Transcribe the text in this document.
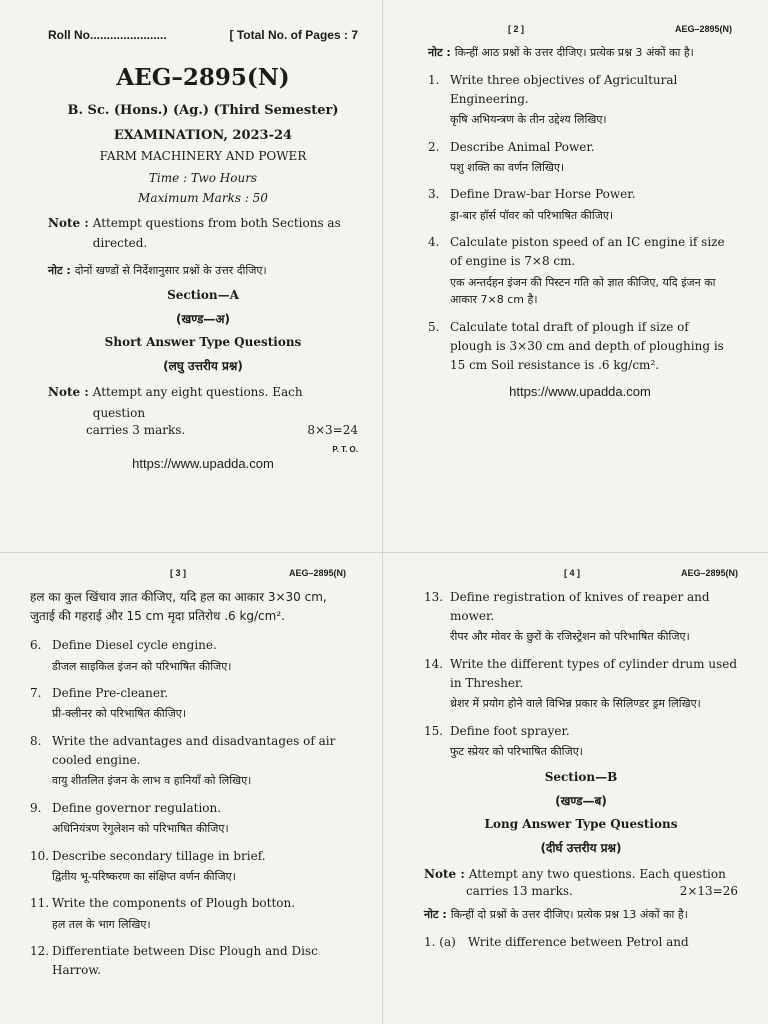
Roll No.......................	[ Total No. of Pages : 7
AEG–2895(N)
B. Sc. (Hons.) (Ag.) (Third Semester)
EXAMINATION, 2023-24
FARM MACHINERY AND POWER
Time : Two Hours
Maximum Marks : 50
Note : Attempt questions from both Sections as directed.
नोट : दोनों खण्डों से निर्देशानुसार प्रश्नों के उत्तर दीजिए।
Section—A
(खण्ड—अ)
Short Answer Type Questions
(लघु उत्तरीय प्रश्न)
Note : Attempt any eight questions. Each question
carries 3 marks.	8×3=24
P. T. O.
https://www.upadda.com
[ 2 ]	AEG–2895(N)
नोट : किन्हीं आठ प्रश्नों के उत्तर दीजिए। प्रत्येक प्रश्न 3 अंकों का है।
1. Write three objectives of Agricultural Engineering.
कृषि अभियन्त्रण के तीन उद्देश्य लिखिए।
2. Describe Animal Power.
पशु शक्ति का वर्णन लिखिए।
3. Define Draw-bar Horse Power.
ड्रा-बार हॉर्स पॉवर को परिभाषित कीजिए।
4. Calculate piston speed of an IC engine if size of engine is 7×8 cm.
एक अन्तर्दहन इंजन की पिस्टन गति को ज्ञात कीजिए, यदि इंजन का आकार 7×8 cm है।
5. Calculate total draft of plough if size of plough is 3×30 cm and depth of ploughing is 15 cm Soil resistance is .6 kg/cm².
https://www.upadda.com
[ 3 ]	AEG–2895(N)
हल का कुल खिंचाव ज्ञात कीजिए, यदि हल का आकार 3×30 cm, जुताई की गहराई और 15 cm मृदा प्रतिरोध .6 kg/cm².
6. Define Diesel cycle engine.
डीजल साइकिल इंजन को परिभाषित कीजिए।
7. Define Pre-cleaner.
प्री-क्लीनर को परिभाषित कीजिए।
8. Write the advantages and disadvantages of air cooled engine.
वायु शीतलित इंजन के लाभ व हानियाँ को लिखिए।
9. Define governor regulation.
अधिनियंत्रण रेगुलेशन को परिभाषित कीजिए।
10. Describe secondary tillage in brief.
द्वितीय भू-परिष्करण का संक्षिप्त वर्णन कीजिए।
11. Write the components of Plough botton.
हल तल के भाग लिखिए।
12. Differentiate between Disc Plough and Disc Harrow.
[ 4 ]	AEG–2895(N)
13. Define registration of knives of reaper and mower.
रीपर और मोवर के छुरों के रजिस्ट्रेशन को परिभाषित कीजिए।
14. Write the different types of cylinder drum used in Thresher.
थ्रेशर में प्रयोग होने वाले विभिन्न प्रकार के सिलिण्डर ड्रम लिखिए।
15. Define foot sprayer.
फुट स्प्रेयर को परिभाषित कीजिए।
Section—B
(खण्ड—ब)
Long Answer Type Questions
(दीर्घ उत्तरीय प्रश्न)
Note : Attempt any two questions. Each question
carries 13 marks.	2×13=26
नोट : किन्हीं दो प्रश्नों के उत्तर दीजिए। प्रत्येक प्रश्न 13 अंकों का है।
1. (a)	Write difference between Petrol and
